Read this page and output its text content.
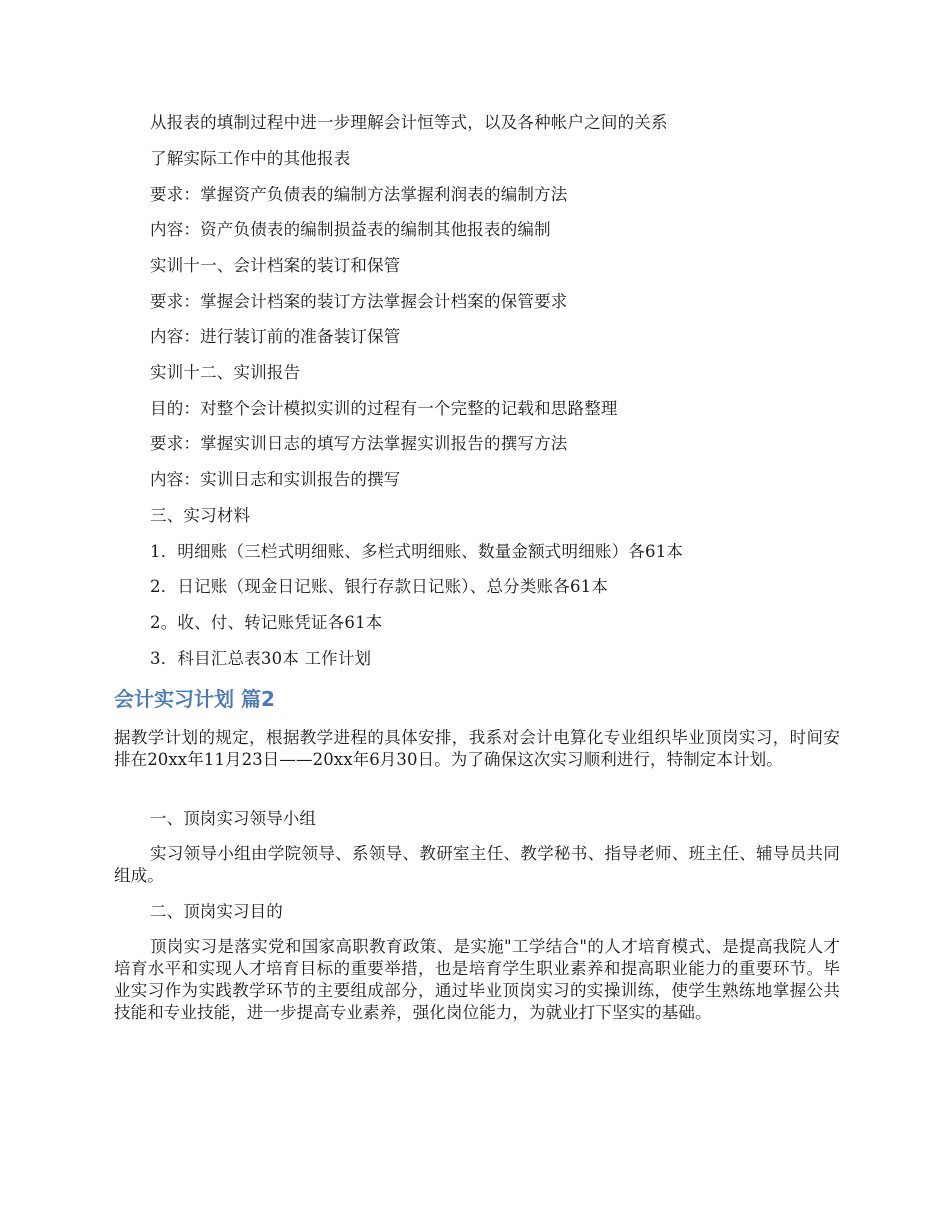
从报表的填制过程中进一步理解会计恒等式，以及各种帐户之间的关系
了解实际工作中的其他报表
要求：掌握资产负债表的编制方法掌握利润表的编制方法
内容：资产负债表的编制损益表的编制其他报表的编制
实训十一、会计档案的装订和保管
要求：掌握会计档案的装订方法掌握会计档案的保管要求
内容：进行装订前的准备装订保管
实训十二、实训报告
目的：对整个会计模拟实训的过程有一个完整的记载和思路整理
要求：掌握实训日志的填写方法掌握实训报告的撰写方法
内容：实训日志和实训报告的撰写
三、实习材料
1．明细账（三栏式明细账、多栏式明细账、数量金额式明细账）各61本
2．日记账（现金日记账、银行存款日记账）、总分类账各61本
2。收、付、转记账凭证各61本
3．科目汇总表30本 工作计划
会计实习计划 篇2
据教学计划的规定，根据教学进程的具体安排，我系对会计电算化专业组织毕业顶岗实习，时间安排在20xx年11月23日——20xx年6月30日。为了确保这次实习顺利进行，特制定本计划。
一、顶岗实习领导小组
实习领导小组由学院领导、系领导、教研室主任、教学秘书、指导老师、班主任、辅导员共同组成。
二、顶岗实习目的
顶岗实习是落实党和国家高职教育政策、是实施"工学结合"的人才培育模式、是提高我院人才培育水平和实现人才培育目标的重要举措，也是培育学生职业素养和提高职业能力的重要环节。毕业实习作为实践教学环节的主要组成部分，通过毕业顶岗实习的实操训练，使学生熟练地掌握公共技能和专业技能，进一步提高专业素养，强化岗位能力，为就业打下坚实的基础。
